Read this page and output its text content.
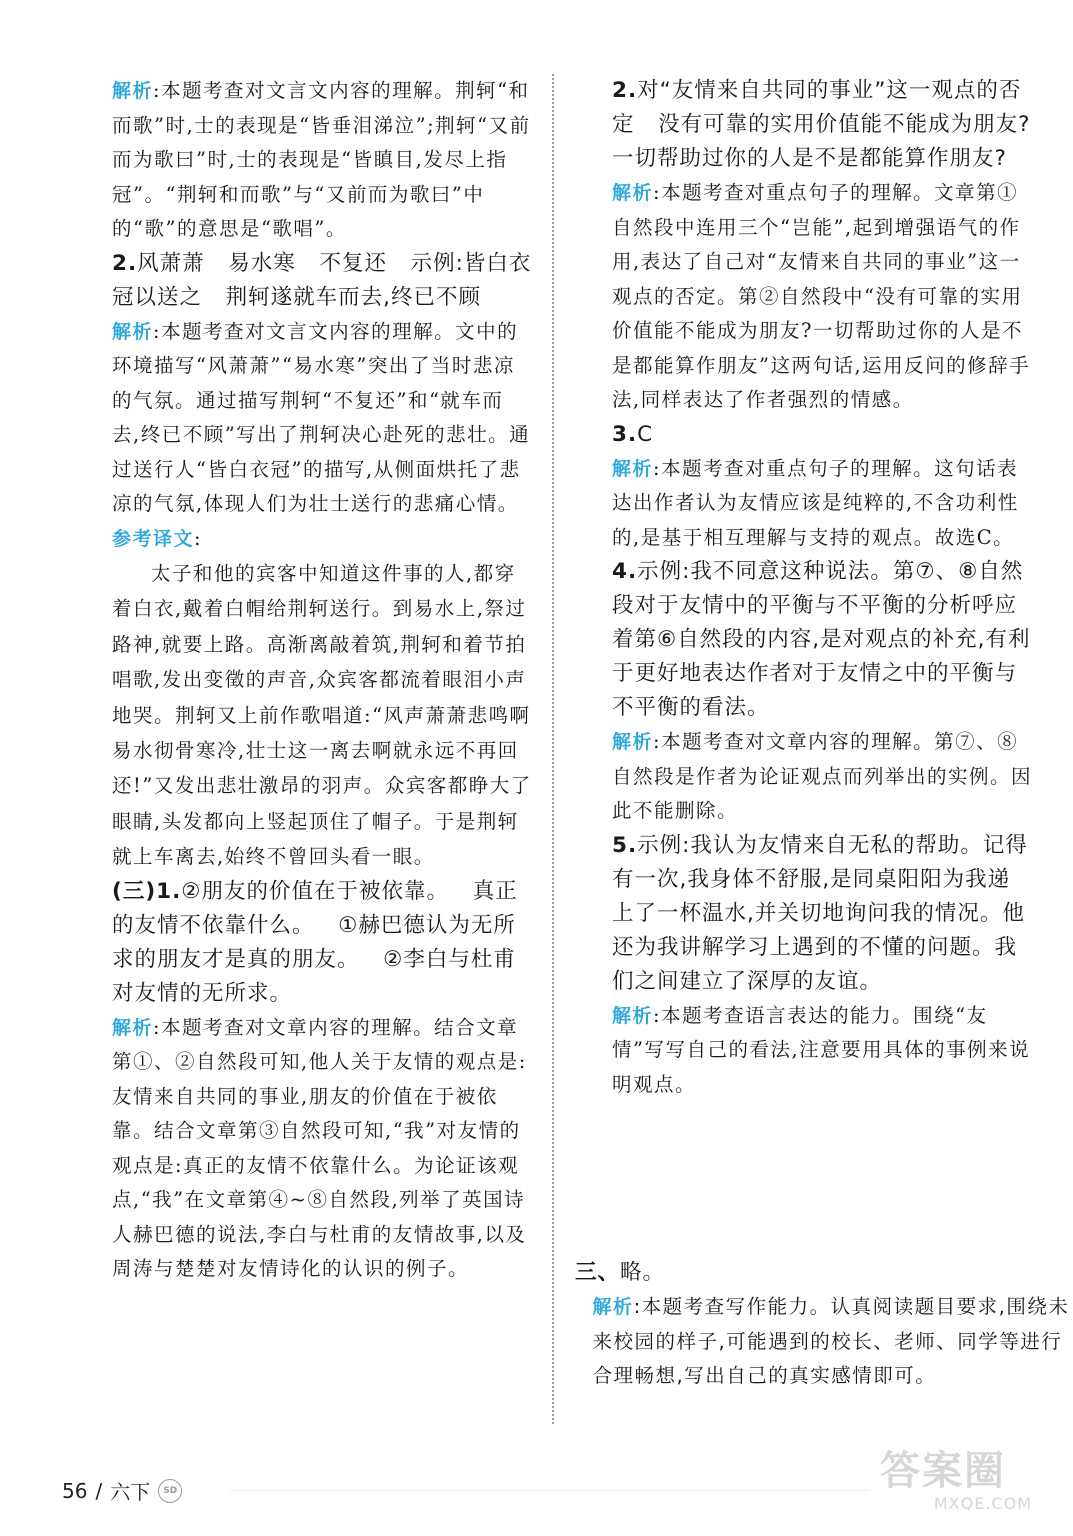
解析:本题考查对文言文内容的理解。荆轲“和而歌”时,士的表现是“皆垂泪涕泣”;荆轲“又前而为歌曰”时,士的表现是“皆瞋目,发尽上指冠”。“荆轲和而歌”与“又前而为歌曰”中的“歌”的意思是“歌唱”。

2.风萧萧 易水寒 不复还 示例:皆白衣冠以送之 荆轲遂就车而去,终已不顾

解析:本题考查对文言文内容的理解。文中的环境描写“风萧萧”“易水寒”突出了当时悲凉的气氛。通过描写荆轲“不复还”和“就车而去,终已不顾”写出了荆轲决心赴死的悲壮。通过送行人“皆白衣冠”的描写,从侧面烘托了悲凉的气氛,体现人们为壮士送行的悲痛心情。

参考译文:

太子和他的宾客中知道这件事的人,都穿着白衣,戴着白帽给荆轲送行。到易水上,祭过路神,就要上路。高渐离敲着筑,荆轲和着节拍唱歌,发出变徵的声音,众宾客都流着眼泪小声地哭。荆轲又上前作歌唱道:“风声萧萧悲鸣啊易水彻骨寒冷,壮士这一离去啊就永远不再回还!”又发出悲壮激昂的羽声。众宾客都睁大了眼睛,头发都向上竖起顶住了帽子。于是荆轲就上车离去,始终不曾回头看一眼。

(三)1.②朋友的价值在于被依靠。 真正的友情不依靠什么。 ①赫巴德认为无所求的朋友才是真的朋友。 ②李白与杜甫对友情的无所求。

解析:本题考查对文章内容的理解。结合文章第①、②自然段可知,他人关于友情的观点是:友情来自共同的事业,朋友的价值在于被依靠。结合文章第③自然段可知,“我”对友情的观点是:真正的友情不依靠什么。为论证该观点,“我”在文章第④~⑧自然段,列举了英国诗人赫巴德的说法,李白与杜甫的友情故事,以及周涛与楚楚对友情诗化的认识的例子。

2.对“友情来自共同的事业”这一观点的否定 没有可靠的实用价值能不能成为朋友?一切帮助过你的人是不是都能算作朋友?

解析:本题考查对重点句子的理解。文章第①自然段中连用三个“岂能”,起到增强语气的作用,表达了自己对“友情来自共同的事业”这一观点的否定。第②自然段中“没有可靠的实用价值能不能成为朋友?一切帮助过你的人是不是都能算作朋友”这两句话,运用反问的修辞手法,同样表达了作者强烈的情感。

3.C

解析:本题考查对重点句子的理解。这句话表达出作者认为友情应该是纯粹的,不含功利性的,是基于相互理解与支持的观点。故选C。

4.示例:我不同意这种说法。第⑦、⑧自然段对于友情中的平衡与不平衡的分析呼应着第⑥自然段的内容,是对观点的补充,有利于更好地表达作者对于友情之中的平衡与不平衡的看法。

解析:本题考查对文章内容的理解。第⑦、⑧自然段是作者为论证观点而列举出的实例。因此不能删除。

5.示例:我认为友情来自无私的帮助。记得有一次,我身体不舒服,是同桌阳阳为我递上了一杯温水,并关切地询问我的情况。他还为我讲解学习上遇到的不懂的问题。我们之间建立了深厚的友谊。

解析:本题考查语言表达的能力。围绕“友情”写写自己的看法,注意要用具体的事例来说明观点。

三、略。

解析:本题考查写作能力。认真阅读题目要求,围绕未来校园的样子,可能遇到的校长、老师、同学等进行合理畅想,写出自己的真实感情即可。

56 / 六下	SD	答案圈
MXQE.COM
